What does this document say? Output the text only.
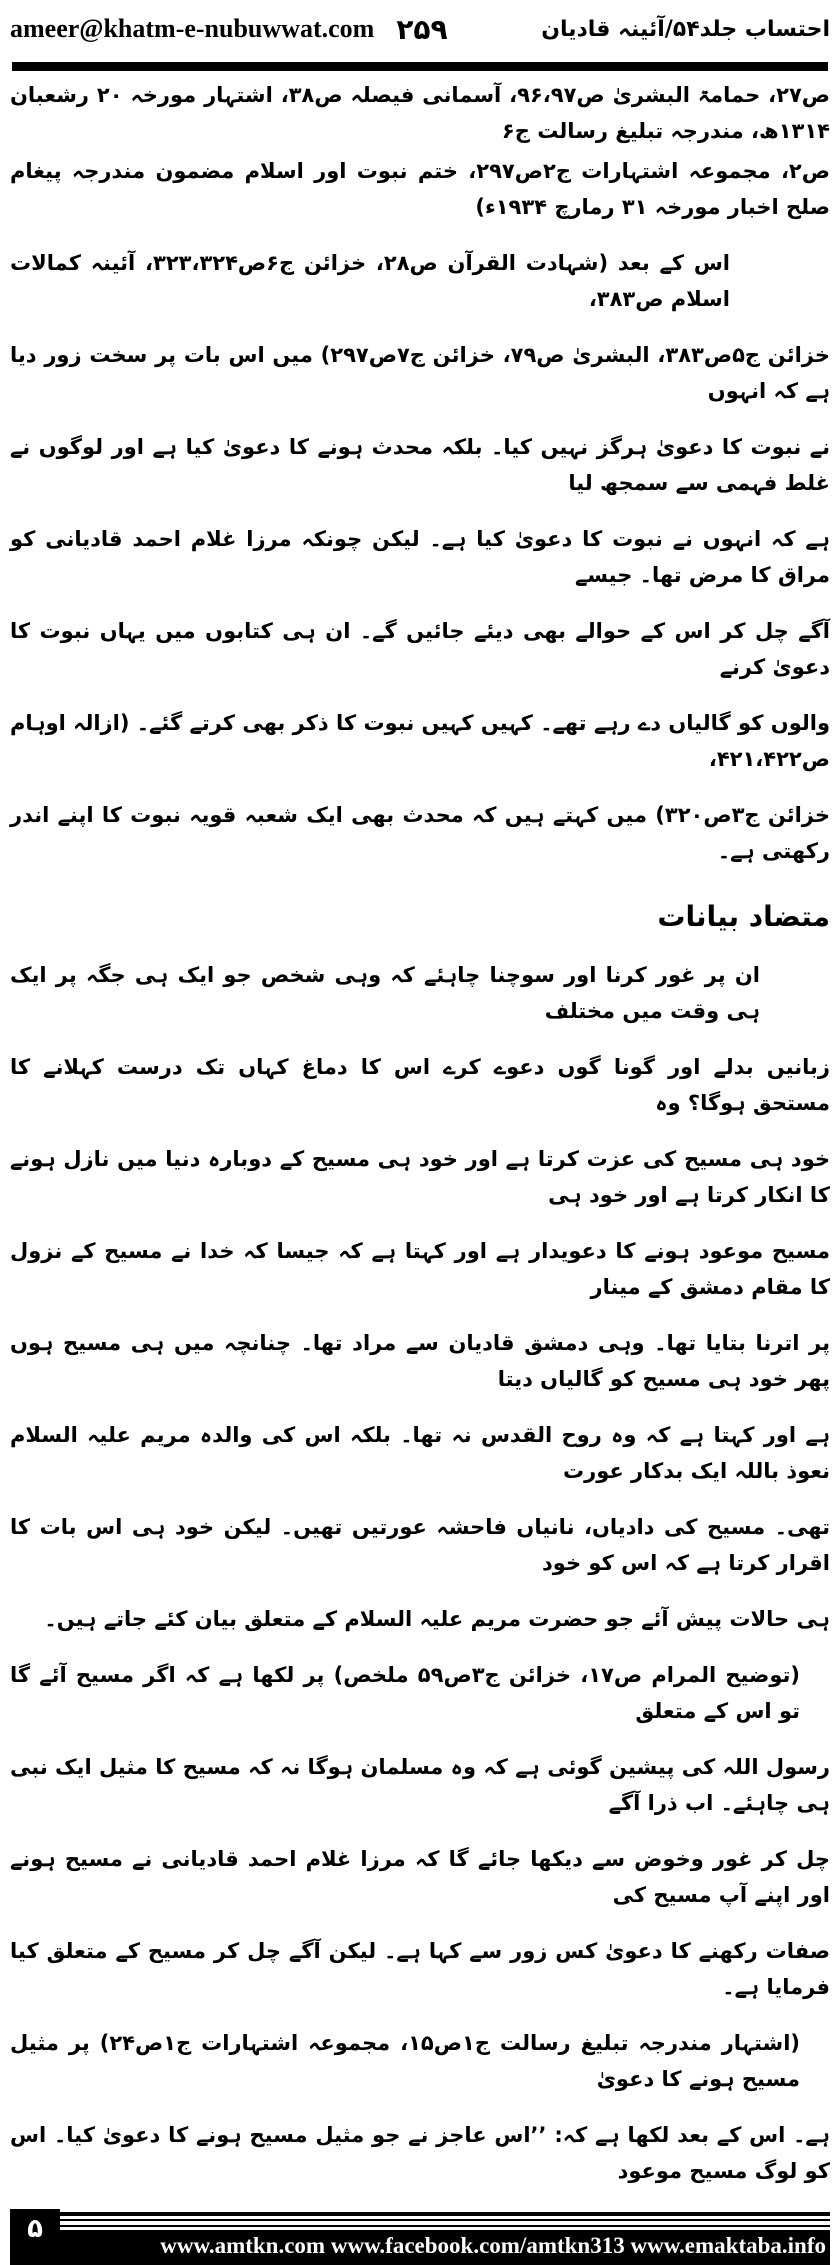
ameer@khatm-e-nubuwwat.com ۲۵۹	احتساب جلد۵۴/آئینہ قادیان
ص۲۷، حمامۃ البشریٰ ص۹۶،۹۷، آسمانی فیصلہ ص۳۸، اشتہار مورخہ ۲۰ رشعبان ۱۳۱۴ھ، مندرجہ تبلیغ رسالت ج۶
ص۲، مجموعہ اشتہارات ج۲ص۲۹۷، ختم نبوت اور اسلام مضمون مندرجہ پیغام صلح اخبار مورخہ ۳۱ رمارچ ۱۹۳۴ء)
اس کے بعد (شہادت القرآن ص۲۸، خزائن ج۶ص۳۲۳،۳۲۴، آئینہ کمالات اسلام ص۳۸۳،
خزائن ج۵ص۳۸۳، البشریٰ ص۷۹، خزائن ج۷ص۲۹۷) میں اس بات پر سخت زور دیا ہے کہ انہوں
نے نبوت کا دعویٰ ہرگز نہیں کیا۔ بلکہ محدث ہونے کا دعویٰ کیا ہے اور لوگوں نے غلط فہمی سے سمجھ لیا
ہے کہ انہوں نے نبوت کا دعویٰ کیا ہے۔ لیکن چونکہ مرزا غلام احمد قادیانی کو مراق کا مرض تھا۔ جیسے
آگے چل کر اس کے حوالے بھی دیئے جائیں گے۔ ان ہی کتابوں میں یہاں نبوت کا دعویٰ کرنے
والوں کو گالیاں دے رہے تھے۔ کہیں کہیں نبوت کا ذکر بھی کرتے گئے۔ (ازالہ اوہام ص۴۲۱،۴۲۲،
خزائن ج۳ص۳۲۰) میں کہتے ہیں کہ محدث بھی ایک شعبہ قویہ نبوت کا اپنے اندر رکھتی ہے۔
متضاد بیانات
ان پر غور کرنا اور سوچنا چاہئے کہ وہی شخص جو ایک ہی جگہ پر ایک ہی وقت میں مختلف
زبانیں بدلے اور گونا گوں دعوے کرے اس کا دماغ کہاں تک درست کہلانے کا مستحق ہوگا؟ وہ
خود ہی مسیح کی عزت کرتا ہے اور خود ہی مسیح کے دوبارہ دنیا میں نازل ہونے کا انکار کرتا ہے اور خود ہی
مسیح موعود ہونے کا دعویدار ہے اور کہتا ہے کہ جیسا کہ خدا نے مسیح کے نزول کا مقام دمشق کے مینار
پر اترنا بتایا تھا۔ وہی دمشق قادیان سے مراد تھا۔ چنانچہ میں ہی مسیح ہوں پھر خود ہی مسیح کو گالیاں دیتا
ہے اور کہتا ہے کہ وہ روح القدس نہ تھا۔ بلکہ اس کی والدہ مریم علیہ السلام نعوذ باللہ ایک بدکار عورت
تھی۔ مسیح کی دادیاں، نانیاں فاحشہ عورتیں تھیں۔ لیکن خود ہی اس بات کا اقرار کرتا ہے کہ اس کو خود
ہی حالات پیش آئے جو حضرت مریم علیہ السلام کے متعلق بیان کئے جاتے ہیں۔
(توضیح المرام ص۱۷، خزائن ج۳ص۵۹ ملخص) پر لکھا ہے کہ اگر مسیح آئے گا تو اس کے متعلق
رسول اللہ کی پیشین گوئی ہے کہ وہ مسلمان ہوگا نہ کہ مسیح کا مثیل ایک نبی ہی چاہئے۔ اب ذرا آگے
چل کر غور وخوض سے دیکھا جائے گا کہ مرزا غلام احمد قادیانی نے مسیح ہونے اور اپنے آپ مسیح کی
صفات رکھنے کا دعویٰ کس زور سے کہا ہے۔ لیکن آگے چل کر مسیح کے متعلق کیا فرمایا ہے۔
(اشتہار مندرجہ تبلیغ رسالت ج۱ص۱۵، مجموعہ اشتہارات ج۱ص۲۴) پر مثیل مسیح ہونے کا دعویٰ
ہے۔ اس کے بعد لکھا ہے کہ: ’’اس عاجز نے جو مثیل مسیح ہونے کا دعویٰ کیا۔ اس کو لوگ مسیح موعود
۵
www.amtkn.com www.facebook.com/amtkn313 www.emaktaba.info
